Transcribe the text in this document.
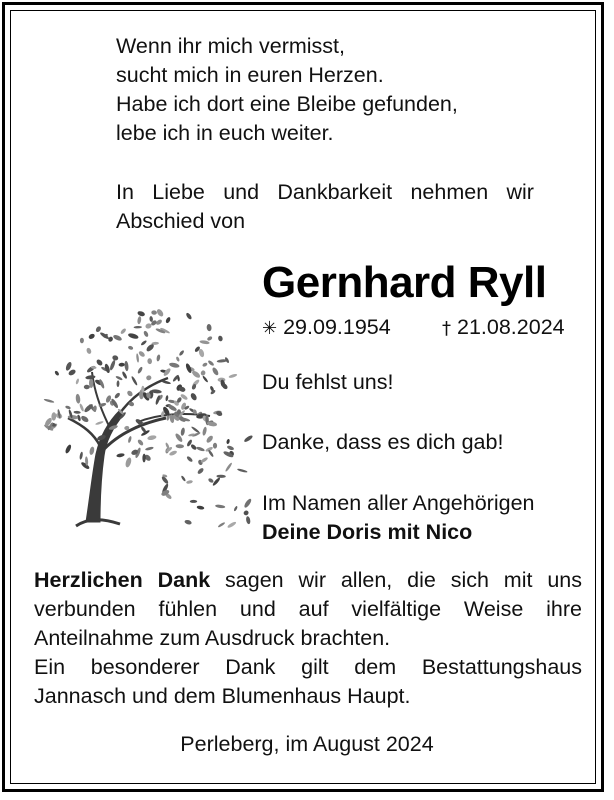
Wenn ihr mich vermisst,
sucht mich in euren Herzen.
Habe ich dort eine Bleibe gefunden,
lebe ich in euch weiter.
In Liebe und Dankbarkeit nehmen wir
Abschied von
Gernhard Ryll
✳ 29.09.1954	† 21.08.2024
Du fehlst uns!
Danke, dass es dich gab!
Im Namen aller Angehörigen
Deine Doris mit Nico
Herzlichen Dank sagen wir allen, die sich mit uns
verbunden fühlen und auf vielfältige Weise ihre
Anteilnahme zum Ausdruck brachten.
Ein besonderer Dank gilt dem Bestattungshaus
Jannasch und dem Blumenhaus Haupt.
Perleberg, im August 2024
